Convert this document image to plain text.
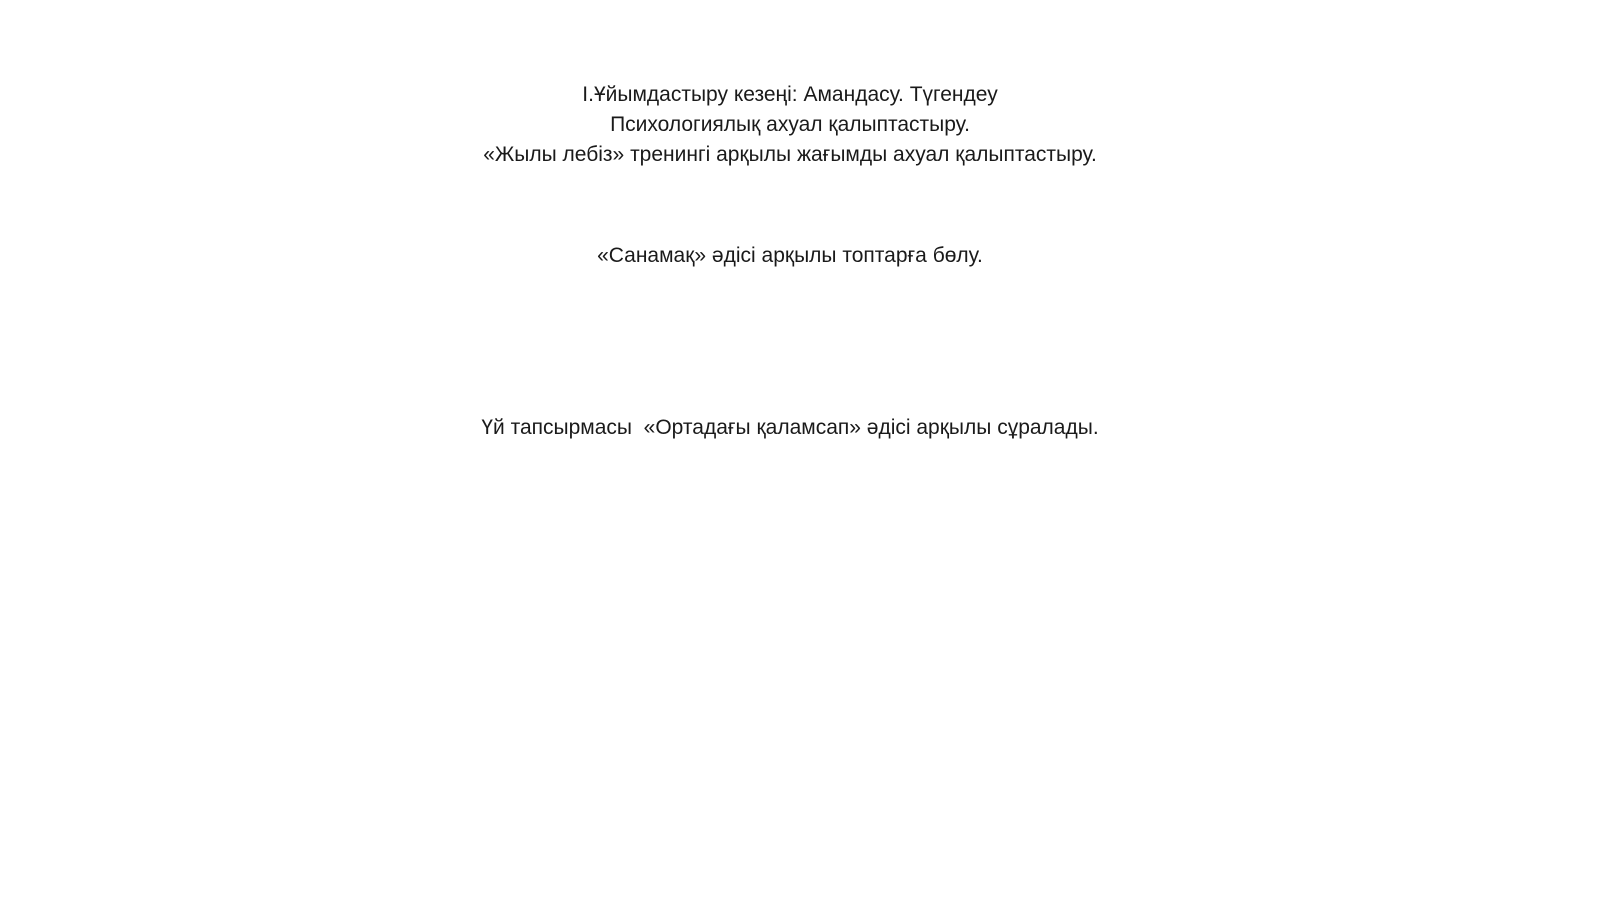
І.Ұйымдастыру кезеңі: Амандасу. Түгендеу
Психологиялық ахуал қалыптастыру.
«Жылы лебіз» тренингі арқылы жағымды ахуал қалыптастыру.
«Санамақ» әдісі арқылы топтарға бөлу.
Үй тапсырмасы  «Ортадағы қаламсап» әдісі арқылы сұралады.
